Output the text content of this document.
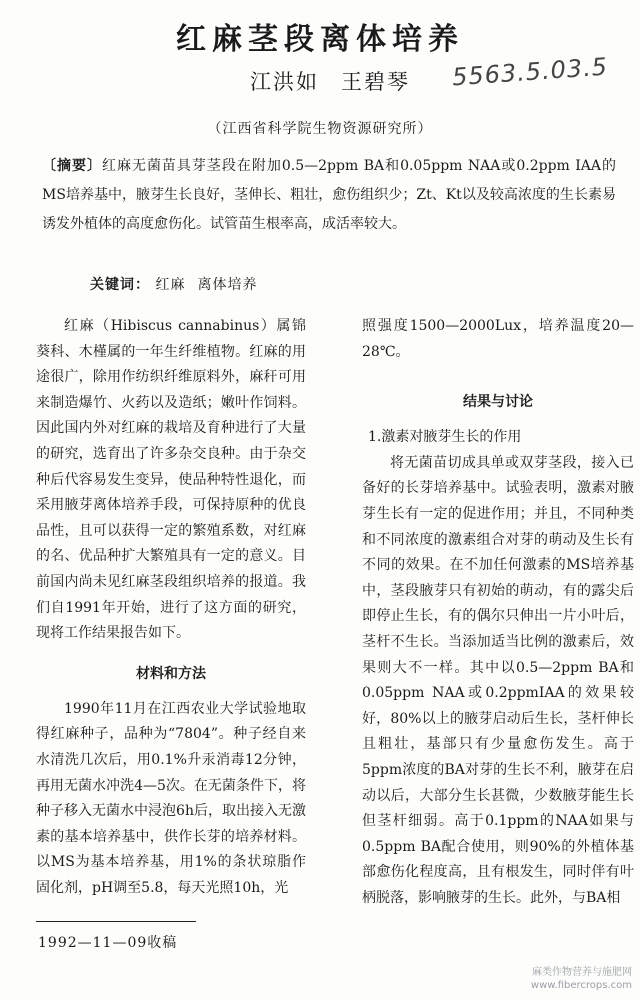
红麻茎段离体培养
江洪如 王碧琴 5563.5.03.5
（江西省科学院生物资源研究所）

〔摘要〕红麻无菌苗具芽茎段在附加0.5—2ppm BA和0.05ppm NAA或0.2ppm IAA的MS培养基中，腋芽生长良好，茎伸长、粗壮，愈伤组织少；Zt、Kt以及较高浓度的生长素易诱发外植体的高度愈伤化。试管苗生根率高，成活率较大。

关键词： 红麻 离体培养

红麻（Hibiscus cannabinus）属锦葵科、木槿属的一年生纤维植物。红麻的用途很广，除用作纺织纤维原料外，麻秆可用来制造爆竹、火药以及造纸；嫩叶作饲料。因此国内外对红麻的栽培及育种进行了大量的研究，选育出了许多杂交良种。由于杂交种后代容易发生变异，使品种特性退化，而采用腋芽离体培养手段，可保持原种的优良品性，且可以获得一定的繁殖系数，对红麻的名、优品种扩大繁殖具有一定的意义。目前国内尚未见红麻茎段组织培养的报道。我们自1991年开始，进行了这方面的研究，现将工作结果报告如下。

材料和方法

1990年11月在江西农业大学试验地取得红麻种子，品种为“7804”。种子经自来水清洗几次后，用0.1%升汞消毒12分钟，再用无菌水冲洗4—5次。在无菌条件下，将种子移入无菌水中浸泡6h后，取出接入无激素的基本培养基中，供作长芽的培养材料。以MS为基本培养基，用1%的条状琼脂作固化剂，pH调至5.8，每天光照10h，光

照强度1500—2000Lux，培养温度20—28℃。

结果与讨论

1.激素对腋芽生长的作用

将无菌苗切成具单或双芽茎段，接入已备好的长芽培养基中。试验表明，激素对腋芽生长有一定的促进作用；并且，不同种类和不同浓度的激素组合对芽的萌动及生长有不同的效果。在不加任何激素的MS培养基中，茎段腋芽只有初始的萌动，有的露尖后即停止生长，有的偶尔只伸出一片小叶后，茎杆不生长。当添加适当比例的激素后，效果则大不一样。其中以0.5—2ppm BA和0.05ppm NAA或0.2ppmIAA的效果较好，80%以上的腋芽启动后生长，茎杆伸长且粗壮，基部只有少量愈伤发生。高于5ppm浓度的BA对芽的生长不利，腋芽在启动以后，大部分生长甚微，少数腋芽能生长但茎杆细弱。高于0.1ppm的NAA如果与0.5ppm BA配合使用，则90%的外植体基部愈伤化程度高，且有根发生，同时伴有叶柄脱落，影响腋芽的生长。此外，与BA相

1992—11—09收稿
麻类作物营养与施肥网
www.fibercrops.com
